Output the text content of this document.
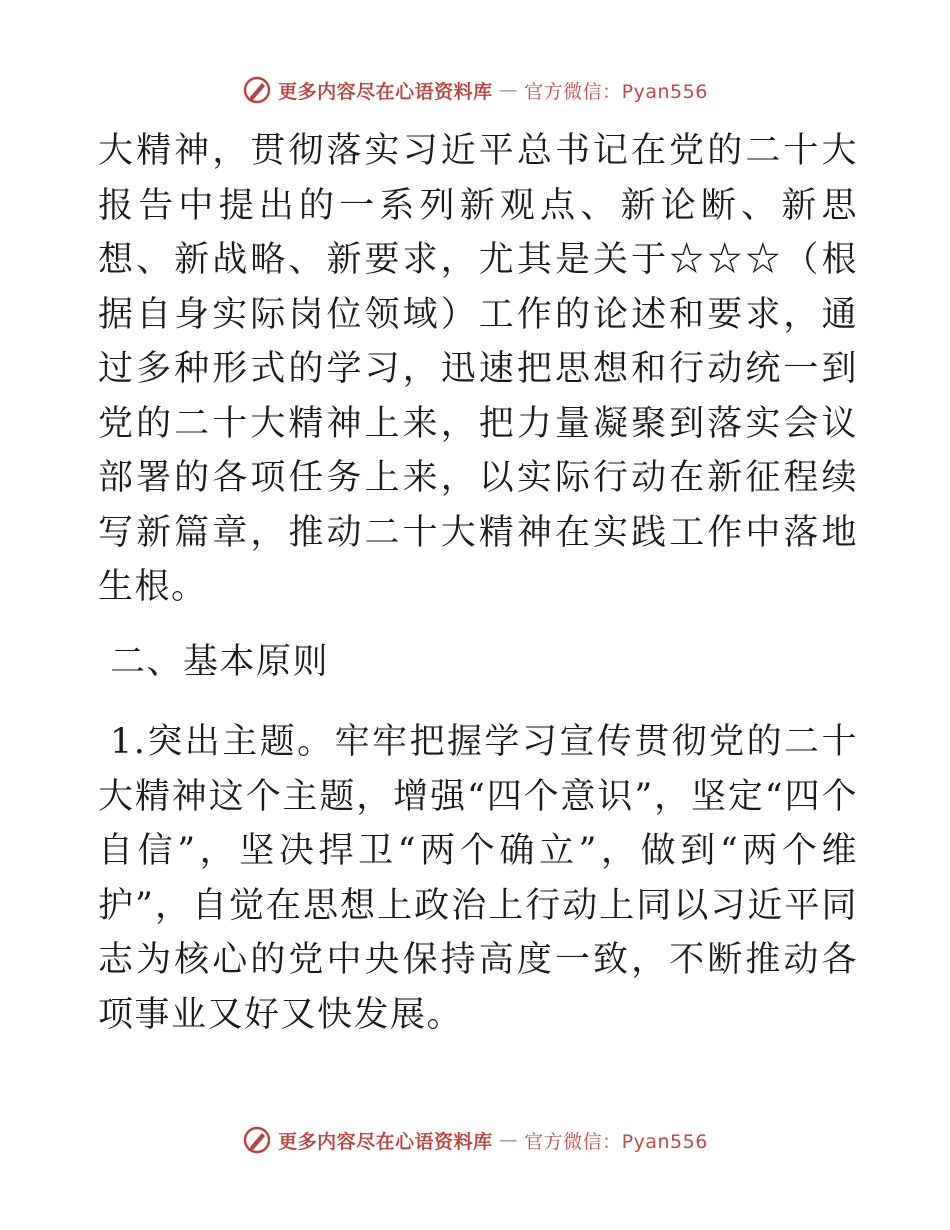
更多内容尽在心语资料库 — 官方微信：Pyan556

大精神，贯彻落实习近平总书记在党的二十大报告中提出的一系列新观点、新论断、新思想、新战略、新要求，尤其是关于☆☆☆（根据自身实际岗位领域）工作的论述和要求，通过多种形式的学习，迅速把思想和行动统一到党的二十大精神上来，把力量凝聚到落实会议部署的各项任务上来，以实际行动在新征程续写新篇章，推动二十大精神在实践工作中落地生根。

二、基本原则

1.突出主题。牢牢把握学习宣传贯彻党的二十大精神这个主题，增强“四个意识”，坚定“四个自信”，坚决捍卫“两个确立”，做到“两个维护”，自觉在思想上政治上行动上同以习近平同志为核心的党中央保持高度一致，不断推动各项事业又好又快发展。

更多内容尽在心语资料库 — 官方微信：Pyan556
